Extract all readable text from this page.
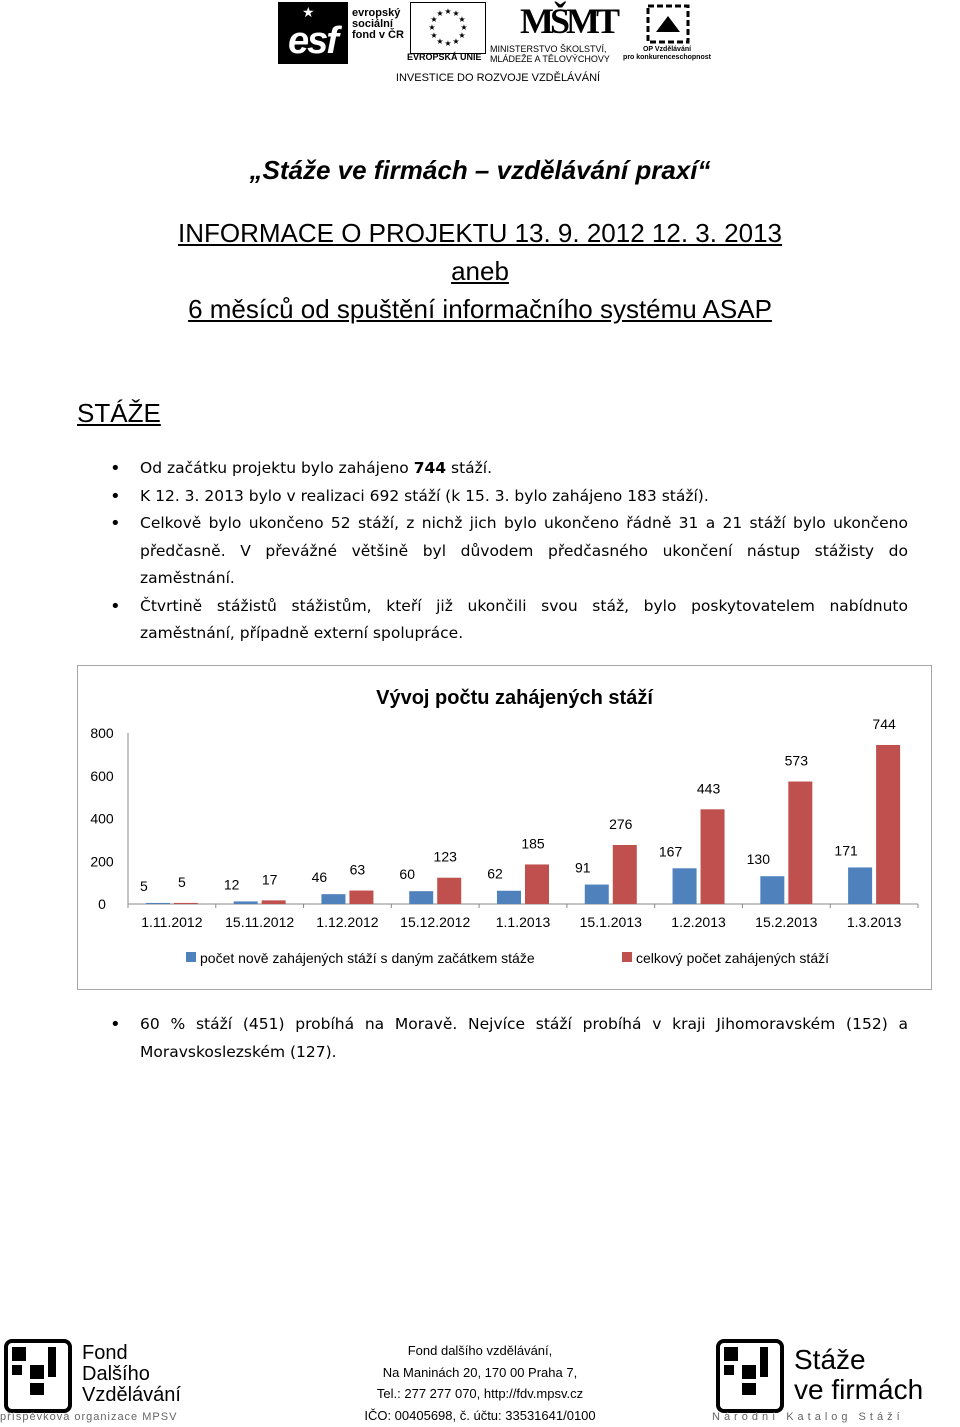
★
esf
evropský
sociální
fond v ČR
★ ★
★
★
★
★
★
★
★
★
★
★
EVROPSKÁ UNIE
MŠMT
MINISTERSTVO ŠKOLSTVÍ,
MLÁDEŽE A TĚLOVÝCHOVY
OP Vzdělávání
pro konkurenceschopnost
INVESTICE DO ROZVOJE VZDĚLÁVÁNÍ
„Stáže ve firmách – vzdělávání praxí“
INFORMACE O PROJEKTU 13. 9. 2012 12. 3. 2013
aneb
6 měsíců od spuštění informačního systému ASAP
STÁŽE
• Od začátku projektu bylo zahájeno 744 stáží.
• K 12. 3. 2013 bylo v realizaci 692 stáží (k 15. 3. bylo zahájeno 183 stáží).
• Celkově bylo ukončeno 52 stáží, z nichž jich bylo ukončeno řádně 31 a 21 stáží bylo ukončeno předčasně. V převážné většině byl důvodem předčasného ukončení nástup stážisty do zaměstnání.
• Čtvrtině stážistů stážistům, kteří již ukončili svou stáž, bylo poskytovatelem nabídnuto zaměstnání, případně externí spolupráce.
Vývoj počtu zahájených stáží
0
200
400
600
800
1.11.2012
5 5
15.11.2012
12 17
1.12.2012
46 63
15.12.2012
60
123
1.1.2013
62
185
15.1.2013
91
276
1.2.2013
167
443
15.2.2013
130
573
1.3.2013
171
744
počet nově zahájených stáží s daným začátkem stáže	celkový počet zahájených stáží
• 60 % stáží (451) probíhá na Moravě. Nejvíce stáží probíhá v kraji Jihomoravském (152) a Moravskoslezském (127).
Fond
Dalšího
Vzdělávání
příspěvková organizace MPSV
Fond dalšího vzdělávání,
Na Maninách 20, 170 00 Praha 7,
Tel.: 277 277 070, http://fdv.mpsv.cz
IČO: 00405698, č. účtu: 33531641/0100
Stáže
ve firmách
Národní Katalog Stáží
